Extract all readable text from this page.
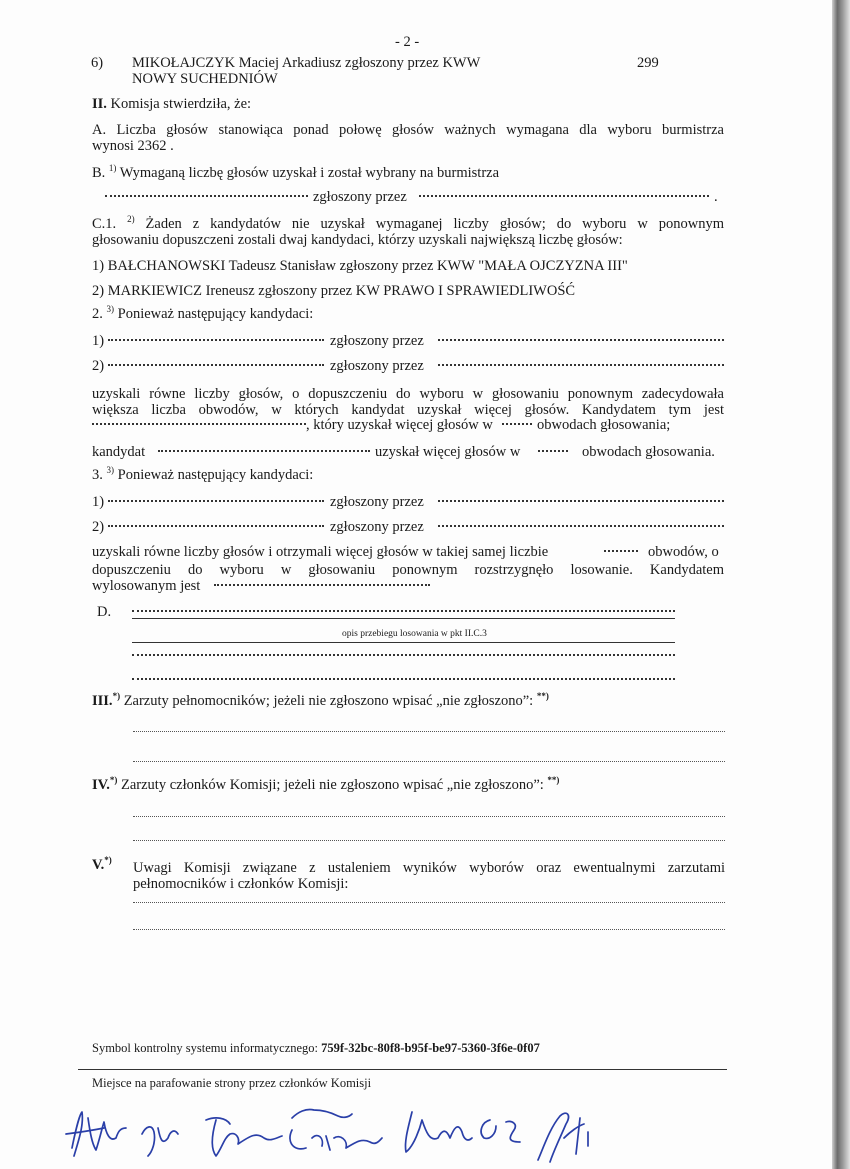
- 2 -
6) MIKOŁAJCZYK Maciej Arkadiusz zgłoszony przez KWW
NOWY SUCHEDNIÓW
299
II. Komisja stwierdziła, że:
A. Liczba głosów stanowiąca ponad połowę głosów ważnych wymagana dla wyboru burmistrza
wynosi 2362 .
B. $^{1)}$ Wymaganą liczbę głosów uzyskał i został wybrany na burmistrza
zgłoszony przez	.
C.1. $^{2)}$ Żaden z kandydatów nie uzyskał wymaganej liczby głosów; do wyboru w ponownym
głosowaniu dopuszczeni zostali dwaj kandydaci, którzy uzyskali największą liczbę głosów:
1) BAŁCHANOWSKI Tadeusz Stanisław zgłoszony przez KWW "MAŁA OJCZYZNA III"
2) MARKIEWICZ Ireneusz zgłoszony przez KW PRAWO I SPRAWIEDLIWOŚĆ
2. $^{3)}$ Ponieważ następujący kandydaci:
1)	zgłoszony przez
2)	zgłoszony przez
uzyskali równe liczby głosów, o dopuszczeniu do wyboru w głosowaniu ponownym zadecydowała
większa liczba obwodów, w których kandydat uzyskał więcej głosów. Kandydatem tym jest
, który uzyskał więcej głosów w	obwodach głosowania;
kandydat	uzyskał więcej głosów w	obwodach głosowania.
3. $^{3)}$ Ponieważ następujący kandydaci:
1)	zgłoszony przez
2)	zgłoszony przez
uzyskali równe liczby głosów i otrzymali więcej głosów w takiej samej liczbie	obwodów, o
dopuszczeniu do wyboru w głosowaniu ponownym rozstrzygnęło losowanie. Kandydatem
wylosowanym jest
D.
opis przebiegu losowania w pkt II.C.3
III.*) Zarzuty pełnomocników; jeżeli nie zgłoszono wpisać „nie zgłoszono”: **)
IV.*) Zarzuty członków Komisji; jeżeli nie zgłoszono wpisać „nie zgłoszono”: **)
V.*) Uwagi Komisji związane z ustaleniem wyników wyborów oraz ewentualnymi zarzutami
pełnomocników i członków Komisji:
Symbol kontrolny systemu informatycznego: 759f-32bc-80f8-b95f-be97-5360-3f6e-0f07
Miejsce na parafowanie strony przez członków Komisji
